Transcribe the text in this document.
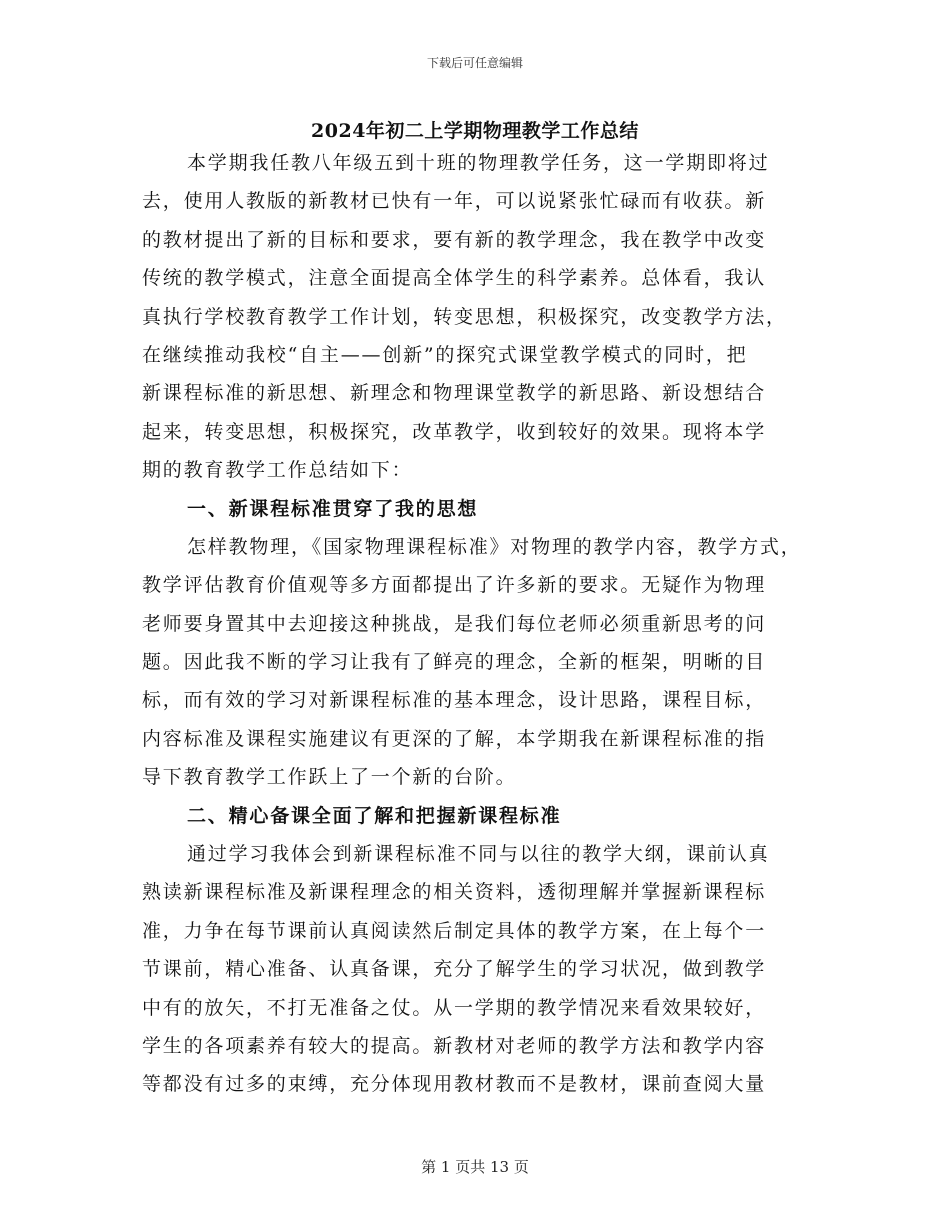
下载后可任意编辑
2024年初二上学期物理教学工作总结
本学期我任教八年级五到十班的物理教学任务，这一学期即将过
去，使用人教版的新教材已快有一年，可以说紧张忙碌而有收获。新
的教材提出了新的目标和要求，要有新的教学理念，我在教学中改变
传统的教学模式，注意全面提高全体学生的科学素养。总体看，我认
真执行学校教育教学工作计划，转变思想，积极探究，改变教学方法，
在继续推动我校“自主——创新”的探究式课堂教学模式的同时，把
新课程标准的新思想、新理念和物理课堂教学的新思路、新设想结合
起来，转变思想，积极探究，改革教学，收到较好的效果。现将本学
期的教育教学工作总结如下：
一、新课程标准贯穿了我的思想
怎样教物理，《国家物理课程标准》对物理的教学内容，教学方式，
教学评估教育价值观等多方面都提出了许多新的要求。无疑作为物理
老师要身置其中去迎接这种挑战，是我们每位老师必须重新思考的问
题。因此我不断的学习让我有了鲜亮的理念，全新的框架，明晰的目
标，而有效的学习对新课程标准的基本理念，设计思路，课程目标，
内容标准及课程实施建议有更深的了解，本学期我在新课程标准的指
导下教育教学工作跃上了一个新的台阶。
二、精心备课全面了解和把握新课程标准
通过学习我体会到新课程标准不同与以往的教学大纲，课前认真
熟读新课程标准及新课程理念的相关资料，透彻理解并掌握新课程标
准，力争在每节课前认真阅读然后制定具体的教学方案，在上每个一
节课前，精心准备、认真备课，充分了解学生的学习状况，做到教学
中有的放矢，不打无准备之仗。从一学期的教学情况来看效果较好，
学生的各项素养有较大的提高。新教材对老师的教学方法和教学内容
等都没有过多的束缚，充分体现用教材教而不是教材，课前查阅大量
第 1 页共 13 页
